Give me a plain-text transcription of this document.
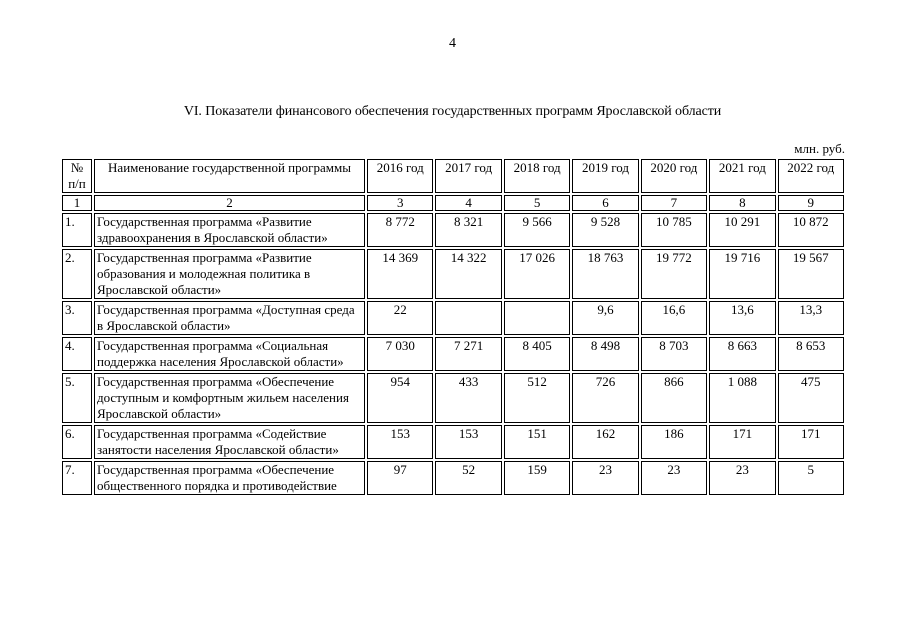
4
VI. Показатели финансового обеспечения государственных программ Ярославской области
млн. руб.
№ п/п	Наименование государственной программы	2016 год	2017 год	2018 год	2019 год	2020 год	2021 год	2022 год
1	2	3	4	5	6	7	8	9
1.	Государственная программа «Развитие здравоохранения в Ярославской области»	8 772	8 321	9 566	9 528	10 785	10 291	10 872
2.	Государственная программа «Развитие образования и молодежная политика в Ярославской области»	14 369	14 322	17 026	18 763	19 772	19 716	19 567
3.	Государственная программа «Доступная среда в Ярославской области»	22			9,6	16,6	13,6	13,3
4.	Государственная программа «Социальная поддержка населения Ярославской области»	7 030	7 271	8 405	8 498	8 703	8 663	8 653
5.	Государственная программа «Обеспечение доступным и комфортным жильем населения Ярославской области»	954	433	512	726	866	1 088	475
6.	Государственная программа «Содействие занятости населения Ярославской области»	153	153	151	162	186	171	171
7.	Государственная программа «Обеспечение общественного порядка и противодействие	97	52	159	23	23	23	5
